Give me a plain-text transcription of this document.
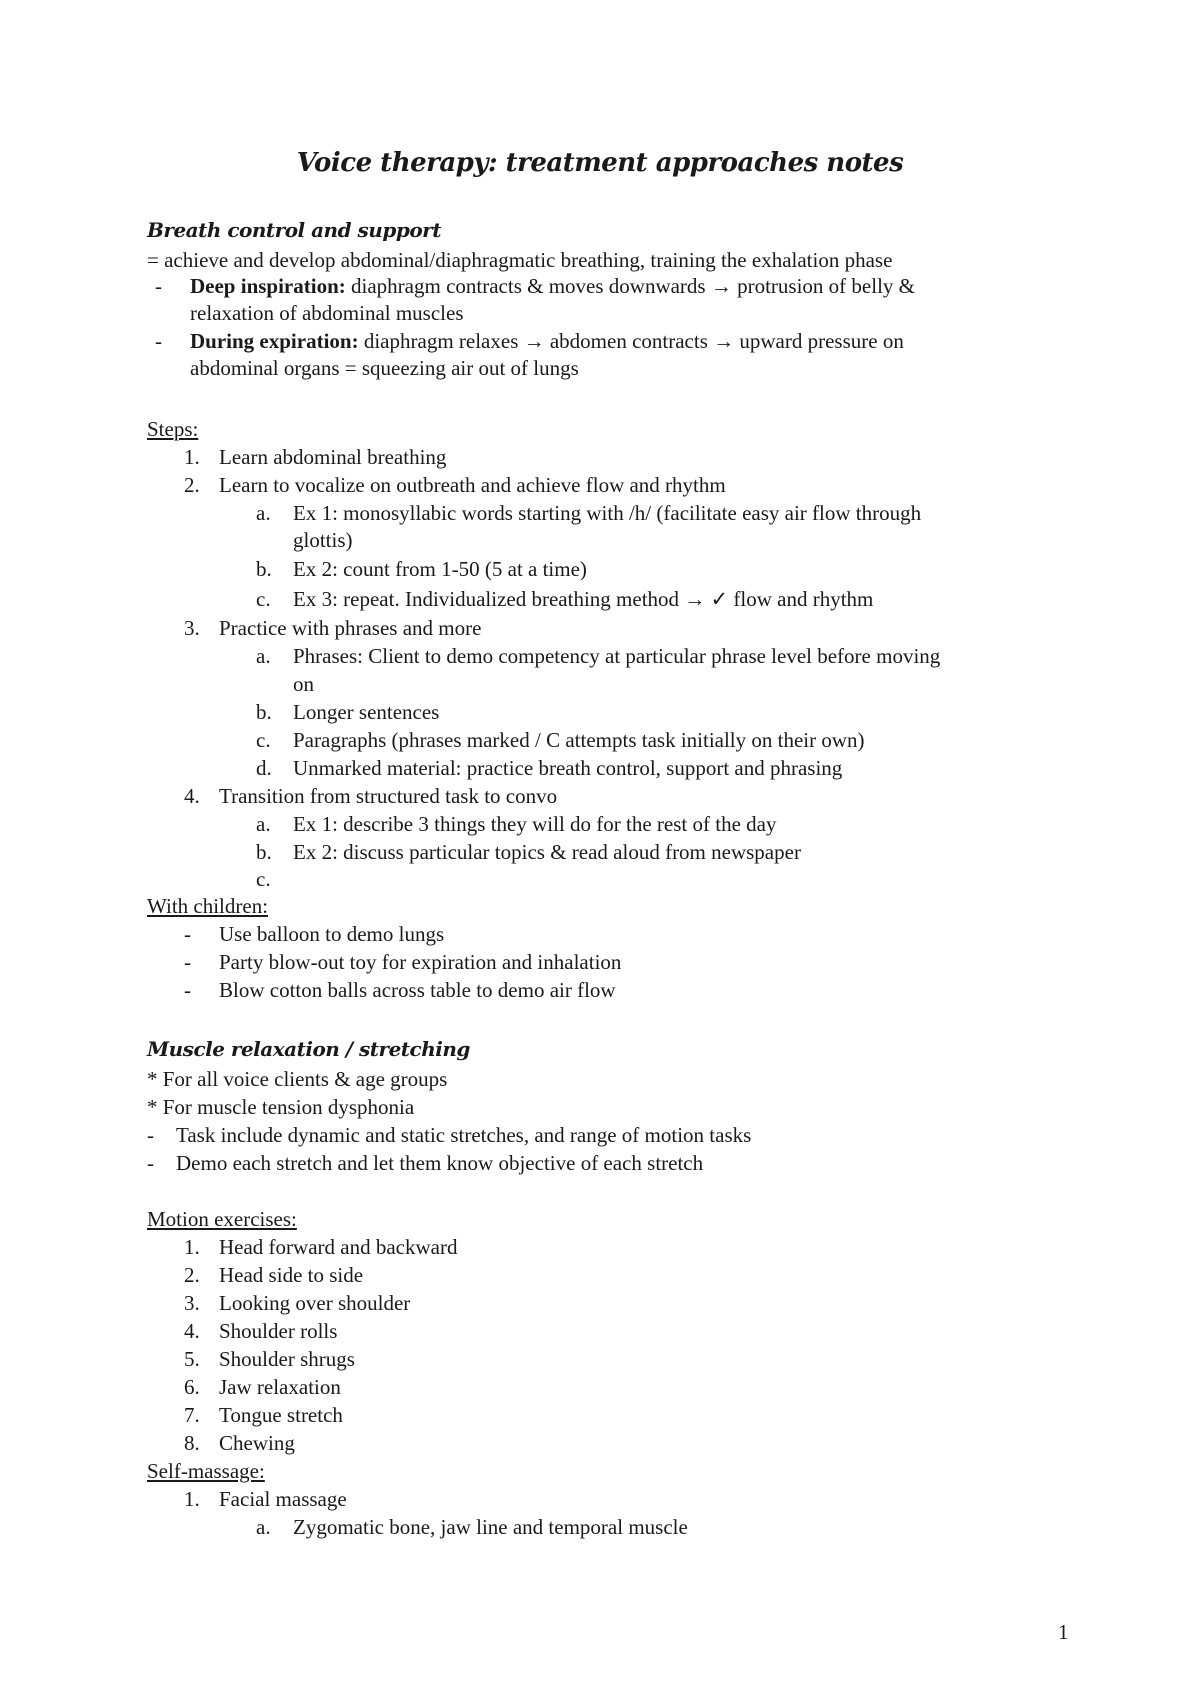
Voice therapy: treatment approaches notes
Breath control and support
= achieve and develop abdominal/diaphragmatic breathing, training the exhalation phase
- Deep inspiration: diaphragm contracts & moves downwards → protrusion of belly &
relaxation of abdominal muscles
- During expiration: diaphragm relaxes → abdomen contracts → upward pressure on
abdominal organs = squeezing air out of lungs
Steps:
1. Learn abdominal breathing
2. Learn to vocalize on outbreath and achieve flow and rhythm
a. Ex 1: monosyllabic words starting with /h/ (facilitate easy air flow through
glottis)
b. Ex 2: count from 1-50 (5 at a time)
c. Ex 3: repeat. Individualized breathing method → ✓ flow and rhythm
3. Practice with phrases and more
a. Phrases: Client to demo competency at particular phrase level before moving
on
b. Longer sentences
c. Paragraphs (phrases marked / C attempts task initially on their own)
d. Unmarked material: practice breath control, support and phrasing
4. Transition from structured task to convo
a. Ex 1: describe 3 things they will do for the rest of the day
b. Ex 2: discuss particular topics & read aloud from newspaper
c.
With children:
- Use balloon to demo lungs
- Party blow-out toy for expiration and inhalation
- Blow cotton balls across table to demo air flow
Muscle relaxation / stretching
* For all voice clients & age groups
* For muscle tension dysphonia
- Task include dynamic and static stretches, and range of motion tasks
- Demo each stretch and let them know objective of each stretch
Motion exercises:
1. Head forward and backward
2. Head side to side
3. Looking over shoulder
4. Shoulder rolls
5. Shoulder shrugs
6. Jaw relaxation
7. Tongue stretch
8. Chewing
Self-massage:
1. Facial massage
a. Zygomatic bone, jaw line and temporal muscle
1
